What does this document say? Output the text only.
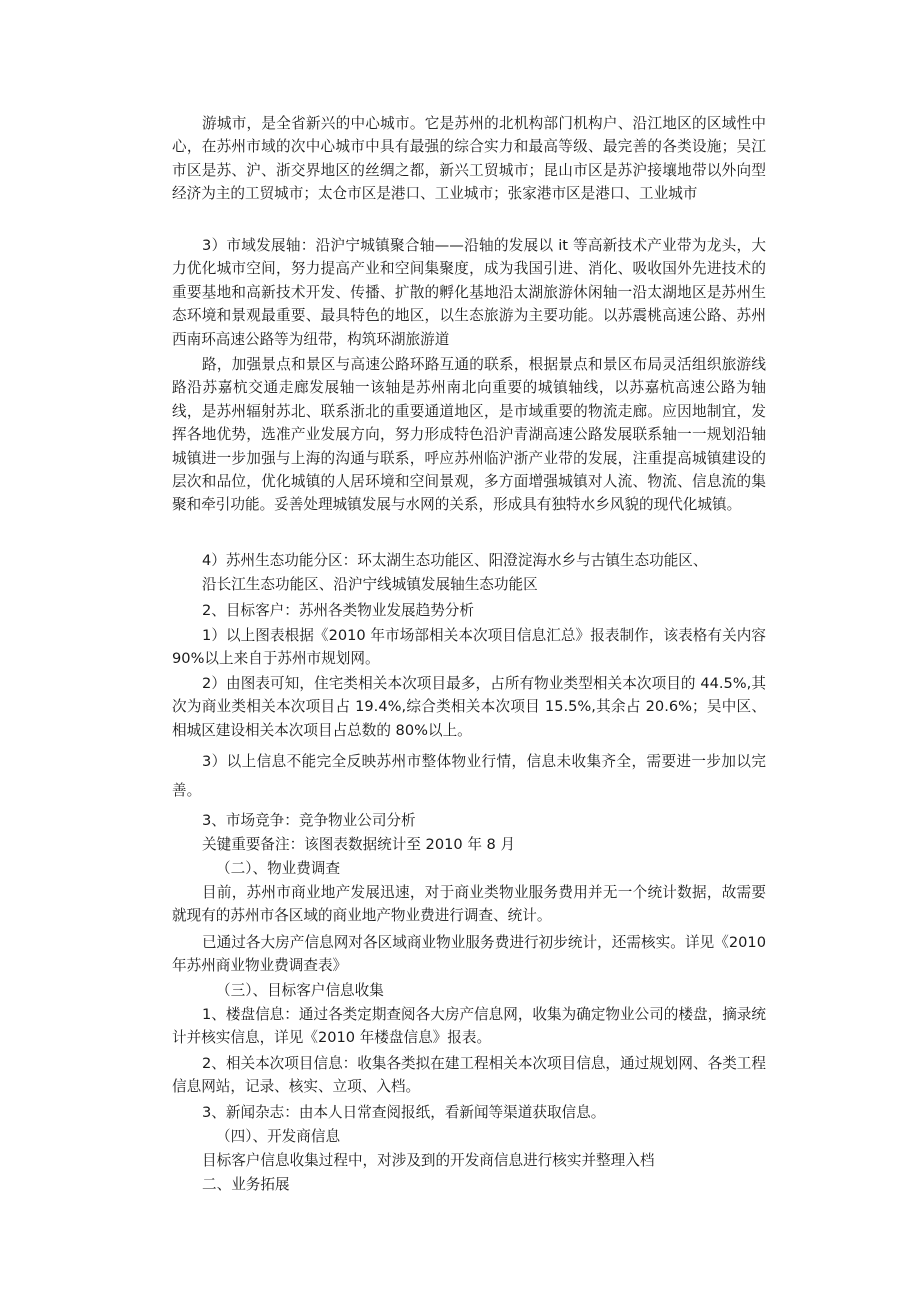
游城市，是全省新兴的中心城市。它是苏州的北机构部门机构户、沿江地区的区域性中心，在苏州市域的次中心城市中具有最强的综合实力和最高等级、最完善的各类设施；吴江市区是苏、沪、浙交界地区的丝绸之都，新兴工贸城市；昆山市区是苏沪接壤地带以外向型经济为主的工贸城市；太仓市区是港口、工业城市；张家港市区是港口、工业城市
3）市域发展轴：沿沪宁城镇聚合轴——沿轴的发展以 it 等高新技术产业带为龙头，大力优化城市空间，努力提高产业和空间集聚度，成为我国引进、消化、吸收国外先进技术的重要基地和高新技术开发、传播、扩散的孵化基地沿太湖旅游休闲轴一沿太湖地区是苏州生态环境和景观最重要、最具特色的地区，以生态旅游为主要功能。以苏震桃高速公路、苏州西南环高速公路等为纽带，构筑环湖旅游道
路，加强景点和景区与高速公路环路互通的联系，根据景点和景区布局灵活组织旅游线路沿苏嘉杭交通走廊发展轴一该轴是苏州南北向重要的城镇轴线，以苏嘉杭高速公路为轴线，是苏州辐射苏北、联系浙北的重要通道地区，是市域重要的物流走廊。应因地制宜，发挥各地优势，选准产业发展方向，努力形成特色沿沪青湖高速公路发展联系轴一一规划沿轴城镇进一步加强与上海的沟通与联系，呼应苏州临沪浙产业带的发展，注重提高城镇建设的层次和品位，优化城镇的人居环境和空间景观，多方面增强城镇对人流、物流、信息流的集聚和牵引功能。妥善处理城镇发展与水网的关系，形成具有独特水乡风貌的现代化城镇。
4）苏州生态功能分区：环太湖生态功能区、阳澄淀海水乡与古镇生态功能区、
沿长江生态功能区、沿沪宁线城镇发展轴生态功能区
2、目标客户：苏州各类物业发展趋势分析
1）以上图表根据《2010 年市场部相关本次项目信息汇总》报表制作，该表格有关内容 90%以上来自于苏州市规划网。
2）由图表可知，住宅类相关本次项目最多，占所有物业类型相关本次项目的 44.5%,其次为商业类相关本次项目占 19.4%,综合类相关本次项目 15.5%,其余占 20.6%；吴中区、相城区建设相关本次项目占总数的 80%以上。
3）以上信息不能完全反映苏州市整体物业行情，信息未收集齐全，需要进一步加以完善。
3、市场竞争：竞争物业公司分析
关键重要备注：该图表数据统计至 2010 年 8 月
（二）、物业费调查
目前，苏州市商业地产发展迅速，对于商业类物业服务费用并无一个统计数据，故需要就现有的苏州市各区域的商业地产物业费进行调查、统计。
已通过各大房产信息网对各区域商业物业服务费进行初步统计，还需核实。详见《2010 年苏州商业物业费调查表》
（三）、目标客户信息收集
1、楼盘信息：通过各类定期查阅各大房产信息网，收集为确定物业公司的楼盘，摘录统计并核实信息，详见《2010 年楼盘信息》报表。
2、相关本次项目信息：收集各类拟在建工程相关本次项目信息，通过规划网、各类工程信息网站，记录、核实、立项、入档。
3、新闻杂志：由本人日常查阅报纸，看新闻等渠道获取信息。
（四）、开发商信息
目标客户信息收集过程中，对涉及到的开发商信息进行核实并整理入档
二、业务拓展
